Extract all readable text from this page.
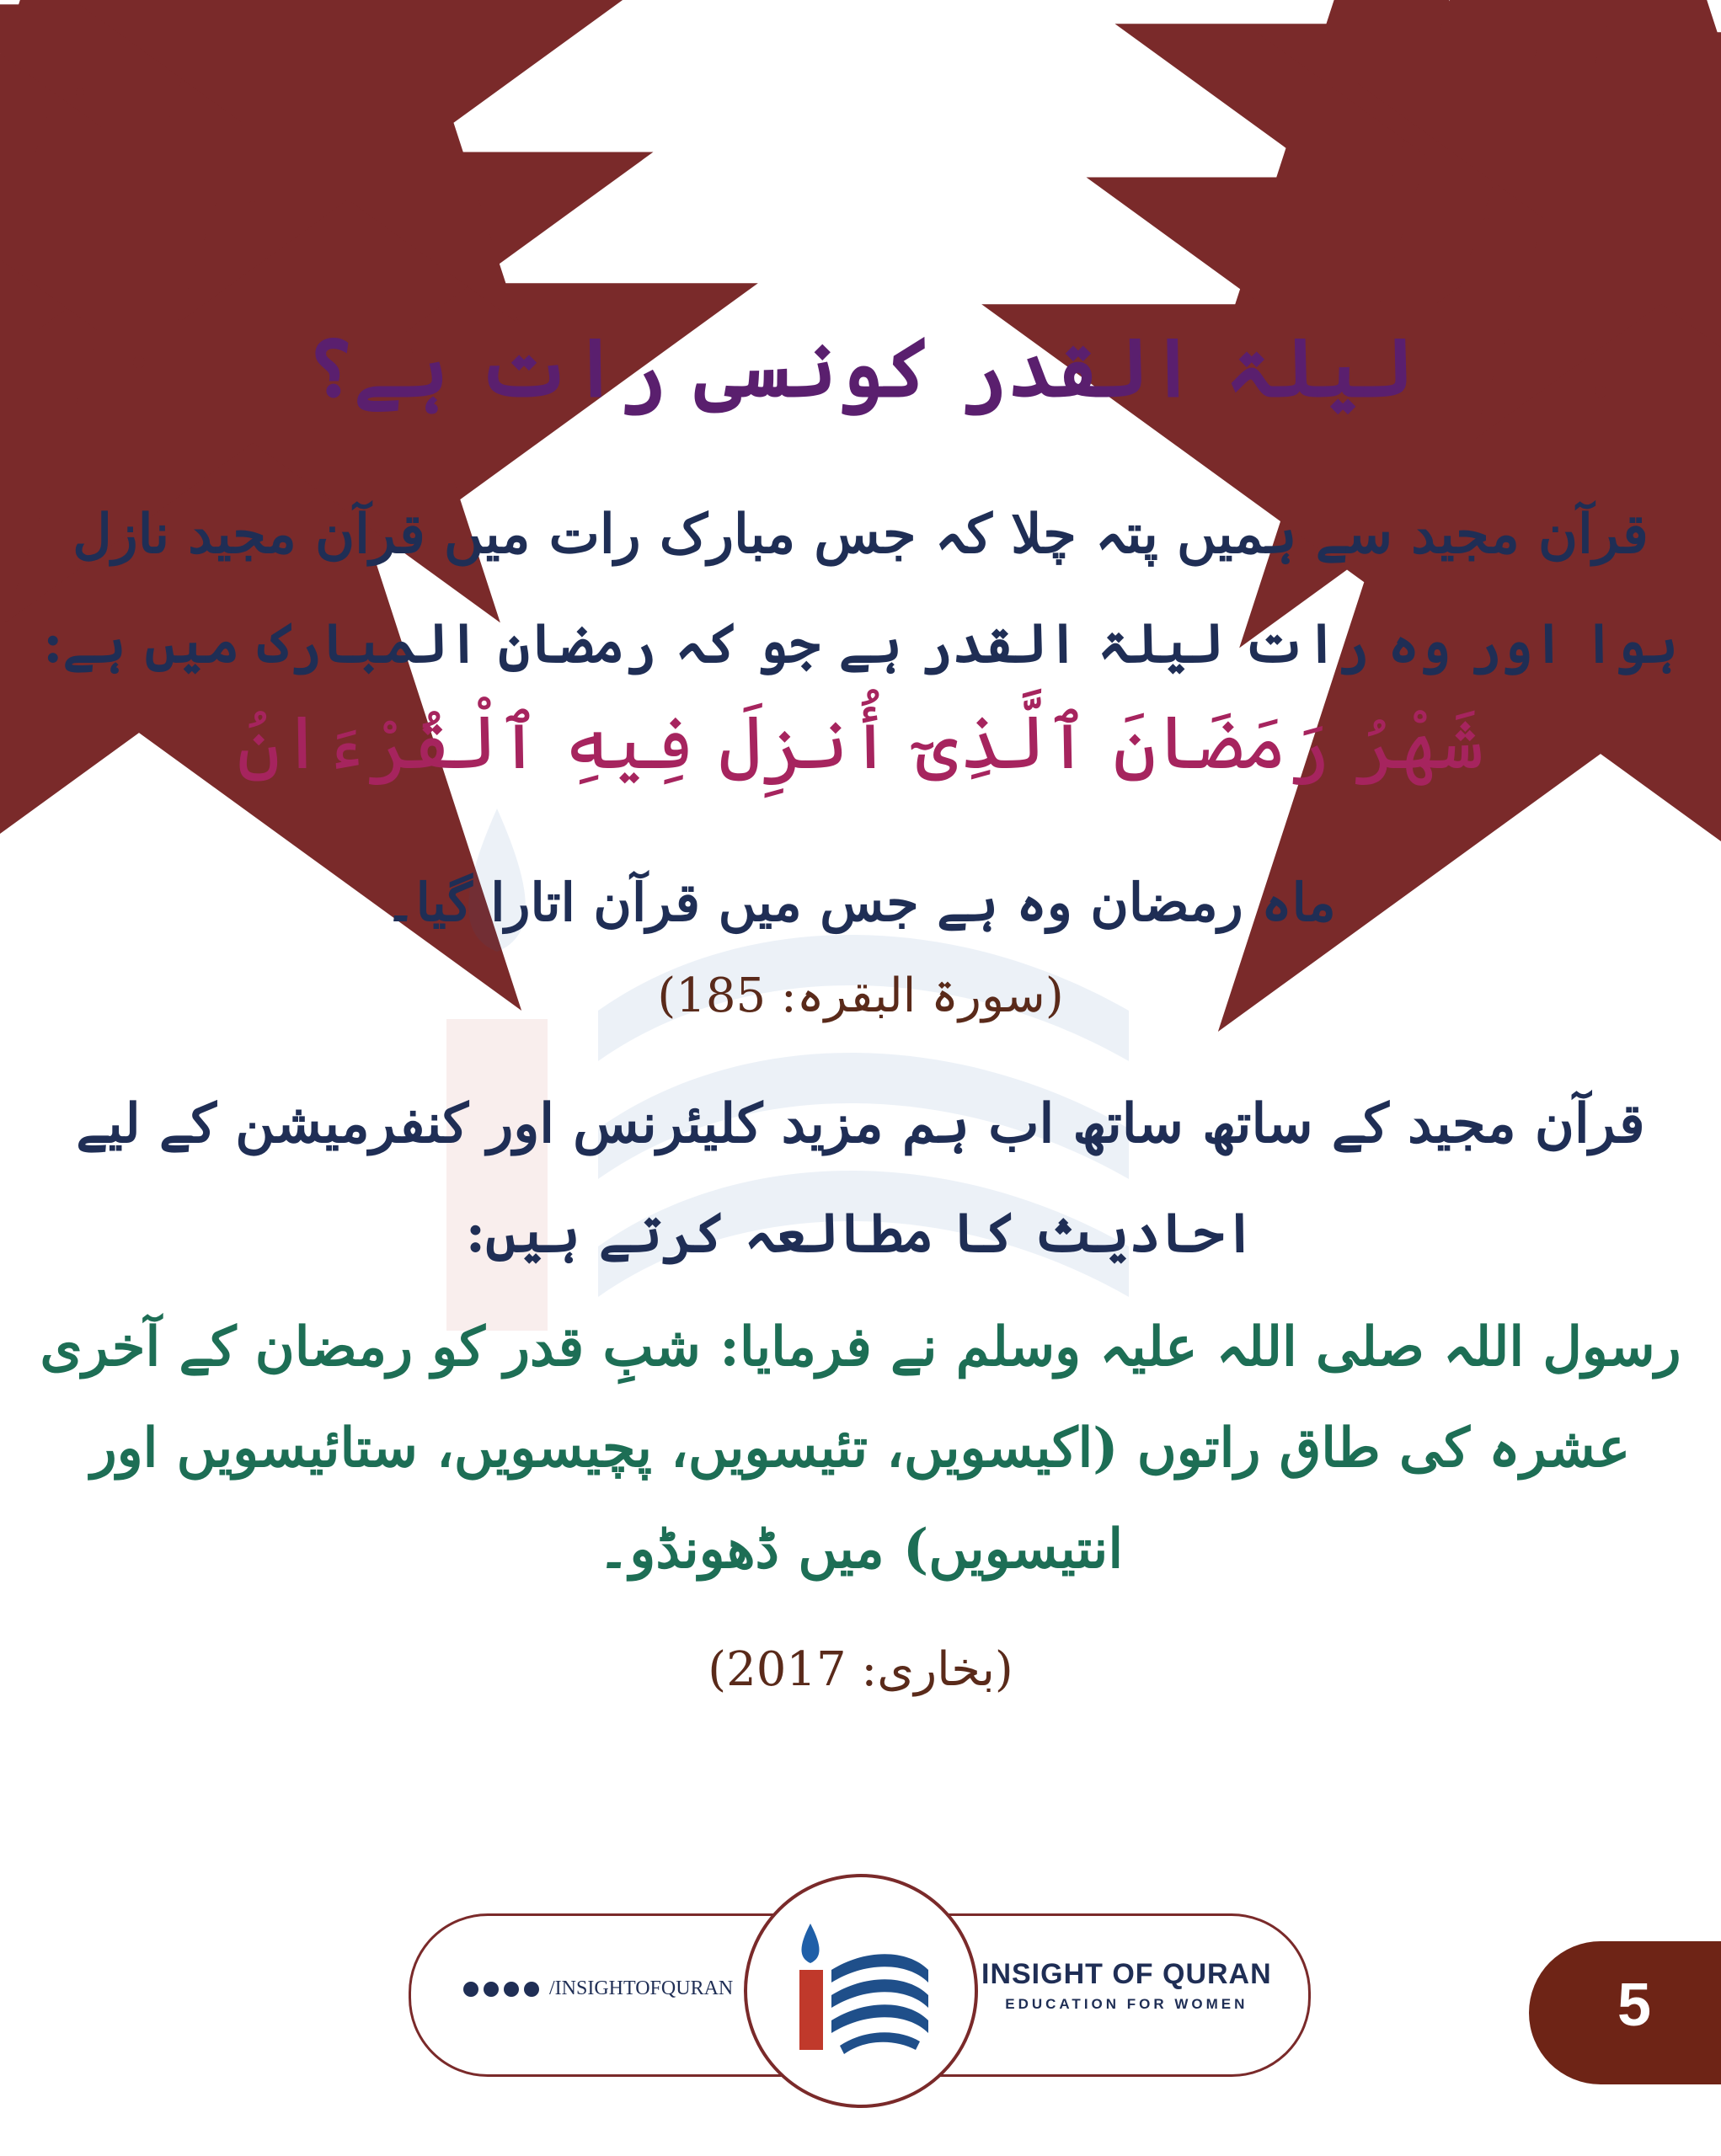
لیلۃ القدر کونسی رات ہے؟
قرآن مجید سے ہمیں پتہ چلا کہ جس مبارک رات میں قرآن مجید نازل
ہوا اور وہ رات لیلۃ القدر ہے جو کہ رمضان المبارک میں ہے:
شَهْرُ رَمَضَانَ ٱلَّذِىٓ أُنزِلَ فِيهِ ٱلْقُرْءَانُ
ماہ رمضان وہ ہے جس میں قرآن اتارا گیا۔
(سورۃ البقرہ: 185)
قرآن مجید کے ساتھ ساتھ اب ہم مزید کلیئرنس اور کنفرمیشن کے لیے
احادیث کا مطالعہ کرتے ہیں:
رسول اللہ صلی اللہ علیہ وسلم نے فرمایا: شبِ قدر کو رمضان کے آخری
عشرہ کی طاق راتوں (اکیسویں، تئیسویں، پچیسویں، ستائیسویں اور
انتیسویں) میں ڈھونڈو۔
(بخاری: 2017)
/INSIGHTOFQURAN	INSIGHT OF QURAN
EDUCATION FOR WOMEN	5
